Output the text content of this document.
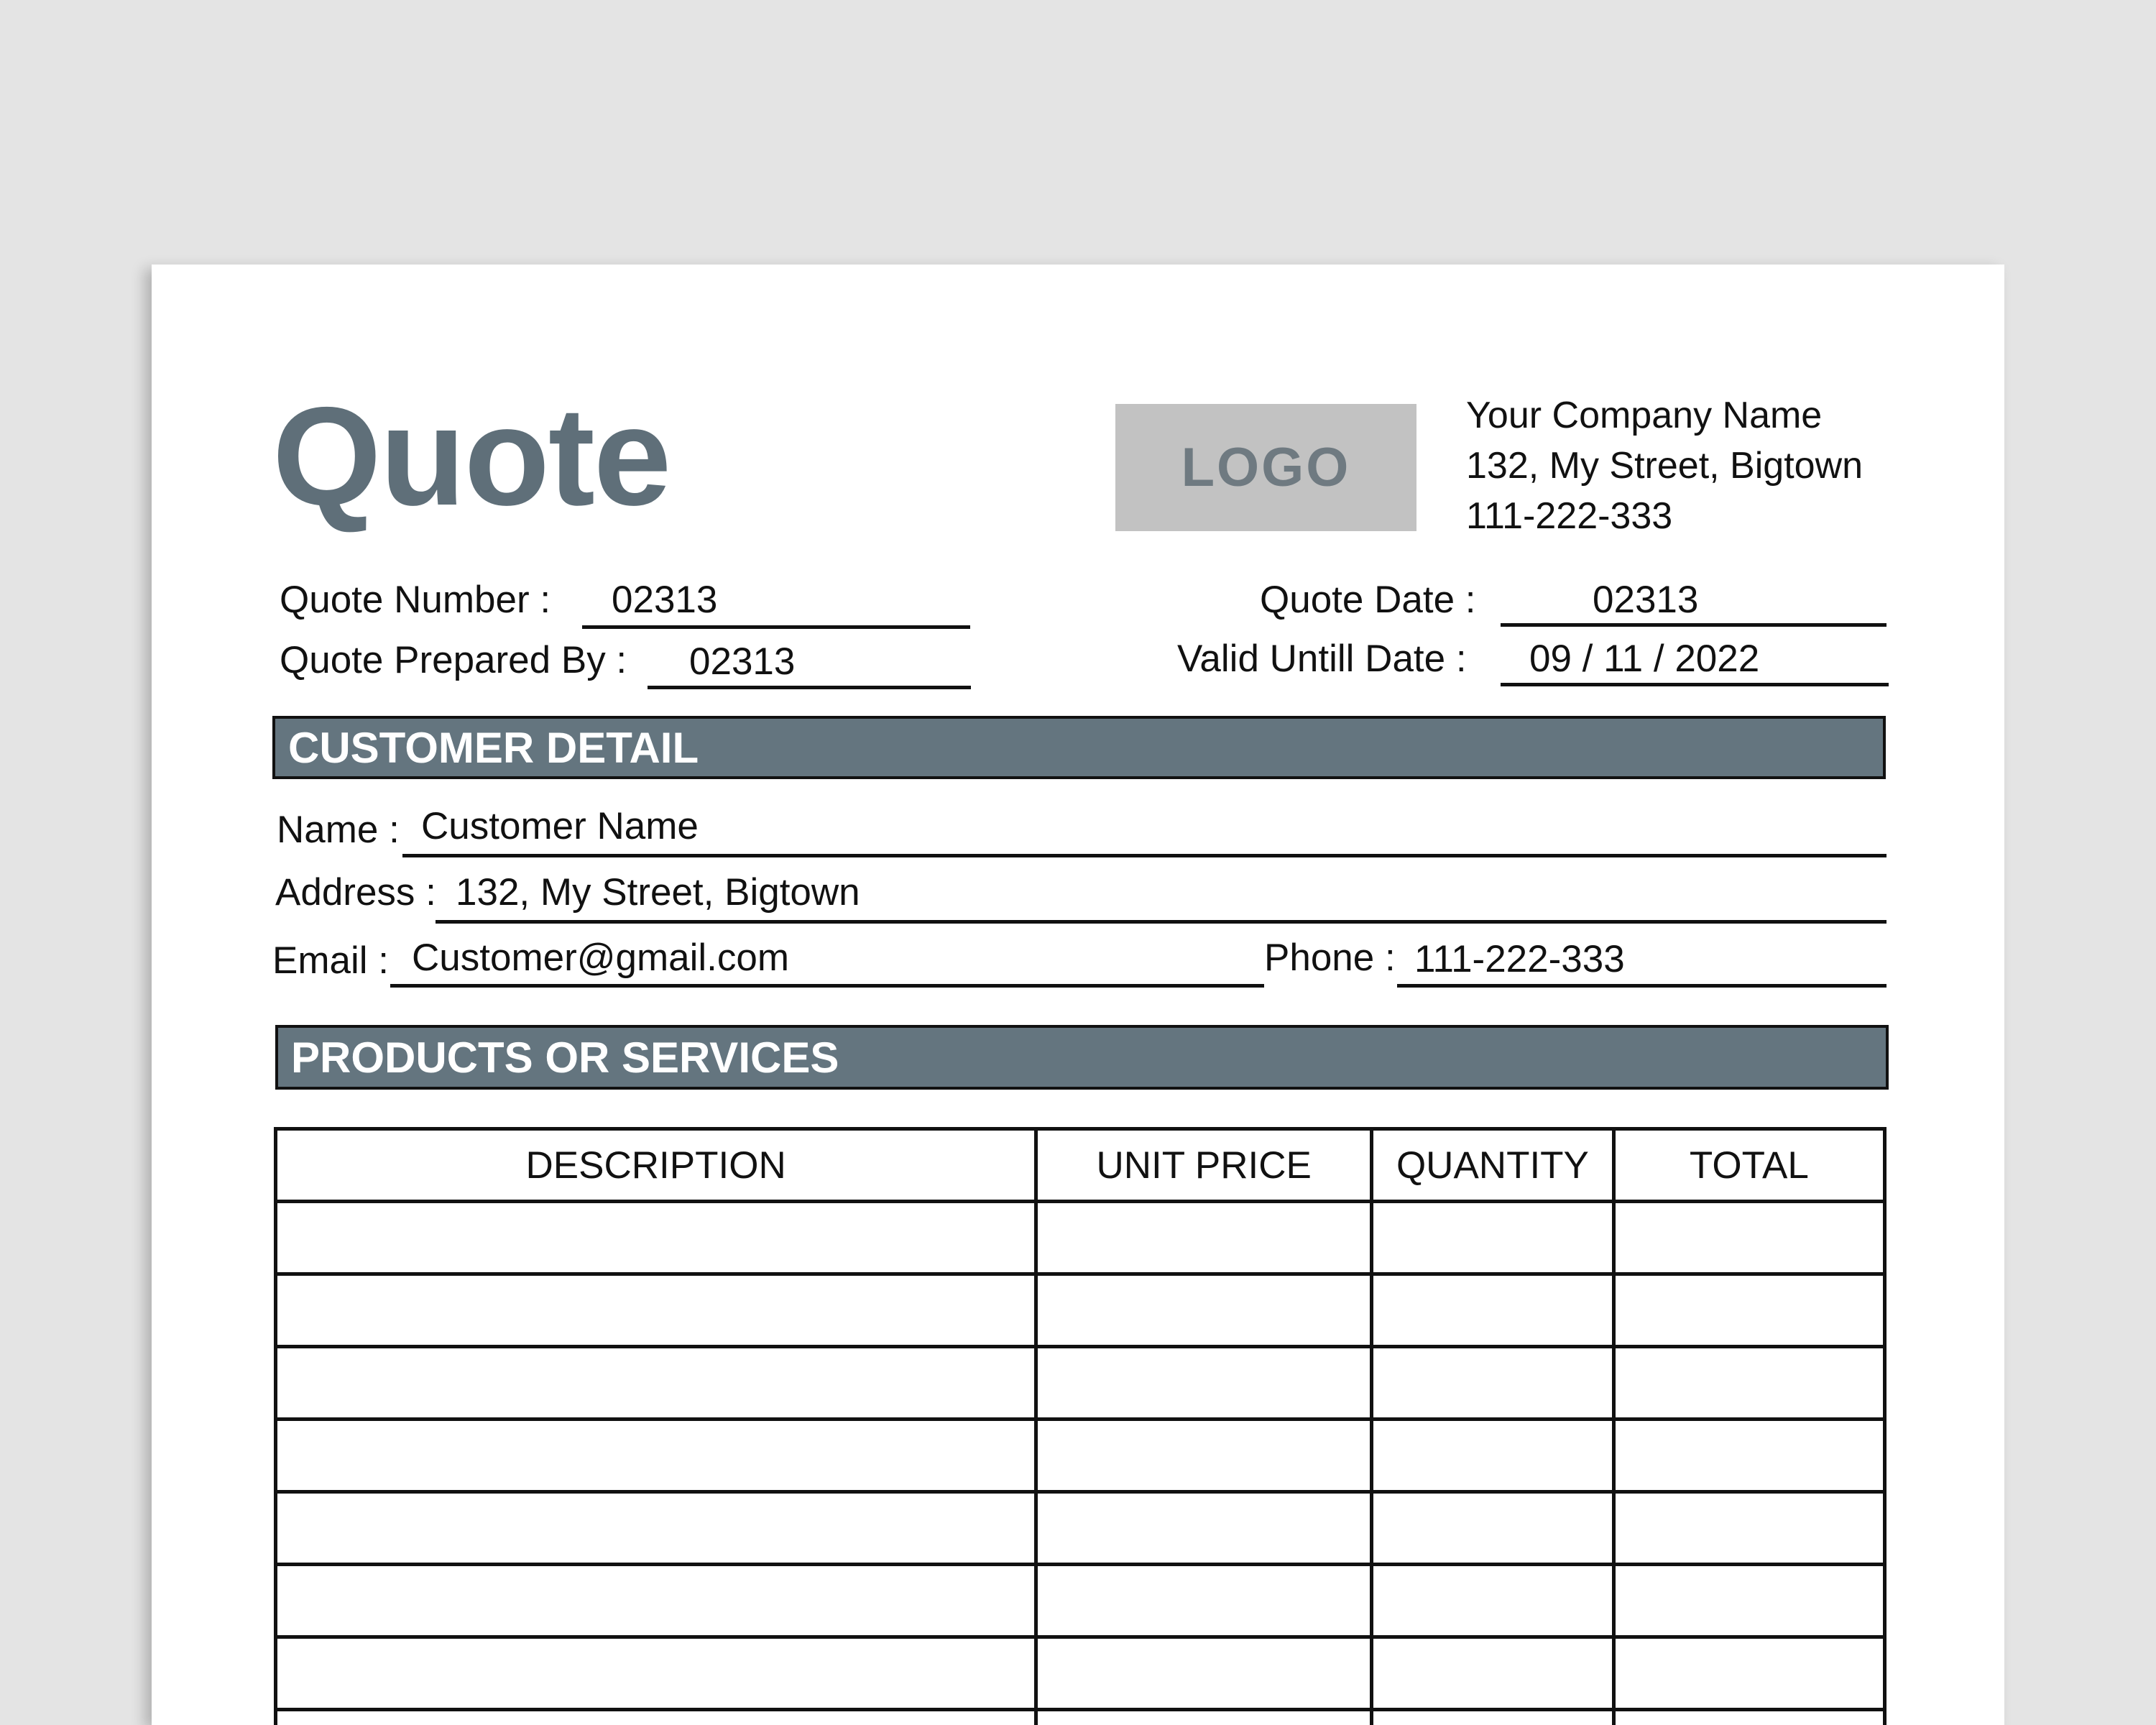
Quote	LOGO
Your Company Name
132, My Street, Bigtown
111-222-333
Quote Number : 02313
Quote Prepared By : 02313
Quote Date :	02313
Valid Untill Date : 09 / 11 / 2022
CUSTOMER DETAIL
Name : Customer Name
Address : 132, My Street, Bigtown
Email : Customer@gmail.com	Phone : 111-222-333
PRODUCTS OR SERVICES
DESCRIPTION	UNIT PRICE	QUANTITY	TOTAL
